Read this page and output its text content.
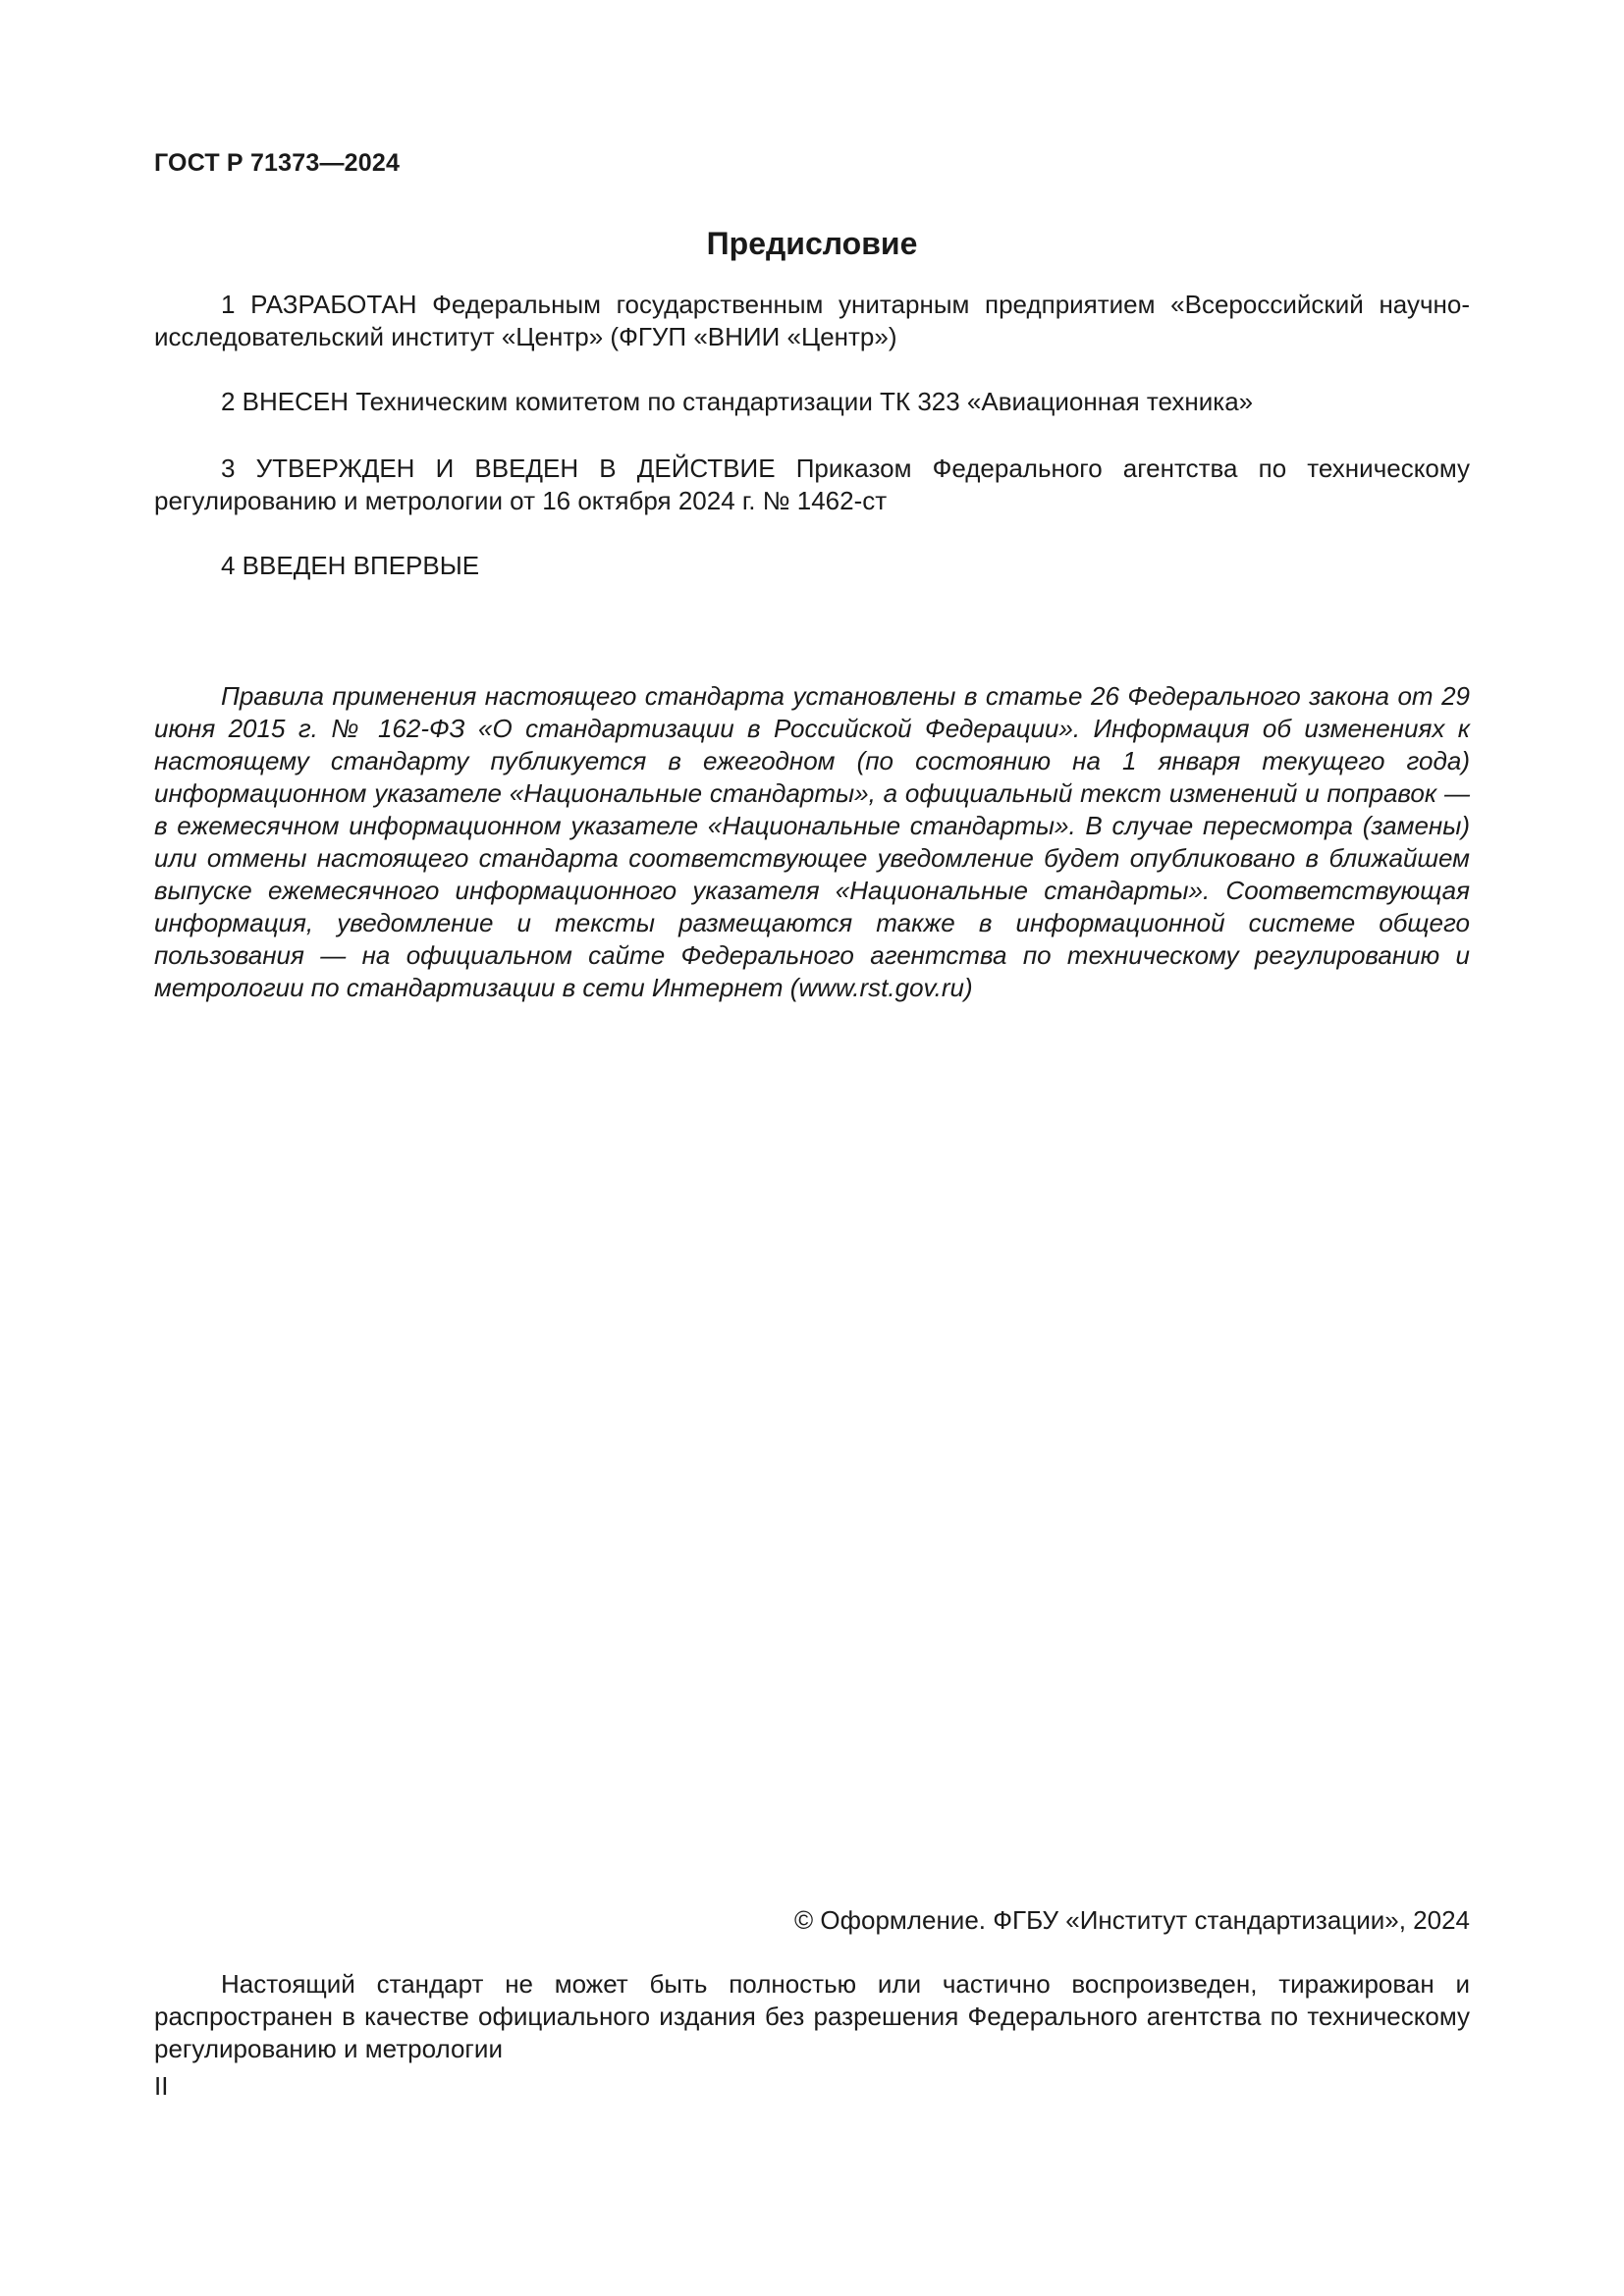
ГОСТ Р 71373—2024
Предисловие

1 РАЗРАБОТАН Федеральным государственным унитарным предприятием «Всероссийский научно-исследовательский институт «Центр» (ФГУП «ВНИИ «Центр»)

2 ВНЕСЕН Техническим комитетом по стандартизации ТК 323 «Авиационная техника»

3 УТВЕРЖДЕН И ВВЕДЕН В ДЕЙСТВИЕ Приказом Федерального агентства по техническому регулированию и метрологии от 16 октября 2024 г. № 1462-ст

4 ВВЕДЕН ВПЕРВЫЕ

Правила применения настоящего стандарта установлены в статье 26 Федерального закона от 29 июня 2015 г. № 162-ФЗ «О стандартизации в Российской Федерации». Информация об изменениях к настоящему стандарту публикуется в ежегодном (по состоянию на 1 января текущего года) информационном указателе «Национальные стандарты», а официальный текст изменений и поправок — в ежемесячном информационном указателе «Национальные стандарты». В случае пересмотра (замены) или отмены настоящего стандарта соответствующее уведомление будет опубликовано в ближайшем выпуске ежемесячного информационного указателя «Национальные стандарты». Соответствующая информация, уведомление и тексты размещаются также в информационной системе общего пользования — на официальном сайте Федерального агентства по техническому регулированию и метрологии по стандартизации в сети Интернет (www.rst.gov.ru)

© Оформление. ФГБУ «Институт стандартизации», 2024

Настоящий стандарт не может быть полностью или частично воспроизведен, тиражирован и распространен в качестве официального издания без разрешения Федерального агентства по техническому регулированию и метрологии

II
